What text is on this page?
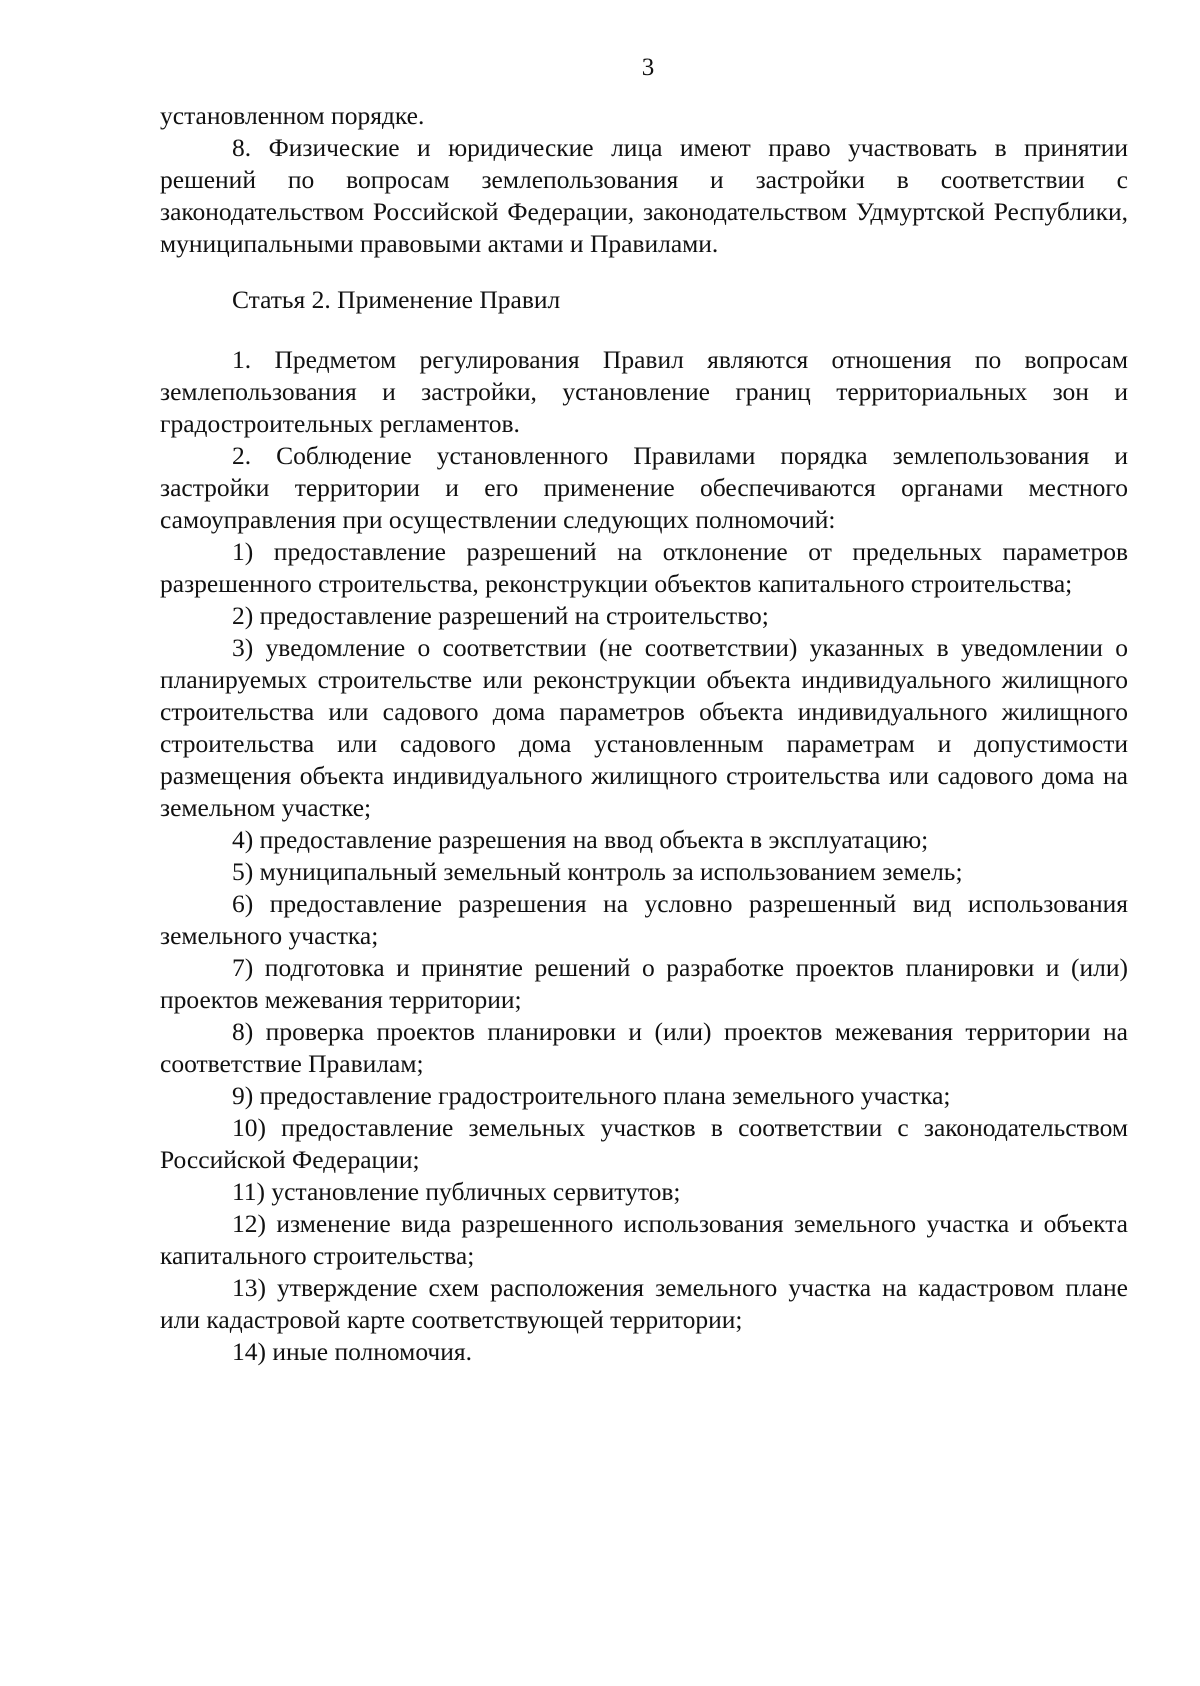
3

установленном порядке.

8. Физические и юридические лица имеют право участвовать в принятии решений по вопросам землепользования и застройки в соответствии с законодательством Российской Федерации, законодательством Удмуртской Республики, муниципальными правовыми актами и Правилами.

Статья 2. Применение Правил

1. Предметом регулирования Правил являются отношения по вопросам землепользования и застройки, установление границ территориальных зон и градостроительных регламентов.

2. Соблюдение установленного Правилами порядка землепользования и застройки территории и его применение обеспечиваются органами местного самоуправления при осуществлении следующих полномочий:

1) предоставление разрешений на отклонение от предельных параметров разрешенного строительства, реконструкции объектов капитального строительства;

2) предоставление разрешений на строительство;

3) уведомление о соответствии (не соответствии) указанных в уведомлении о планируемых строительстве или реконструкции объекта индивидуального жилищного строительства или садового дома параметров объекта индивидуального жилищного строительства или садового дома установленным параметрам и допустимости размещения объекта индивидуального жилищного строительства или садового дома на земельном участке;

4) предоставление разрешения на ввод объекта в эксплуатацию;

5) муниципальный земельный контроль за использованием земель;

6) предоставление разрешения на условно разрешенный вид использования земельного участка;

7) подготовка и принятие решений о разработке проектов планировки и (или) проектов межевания территории;

8) проверка проектов планировки и (или) проектов межевания территории на соответствие Правилам;

9) предоставление градостроительного плана земельного участка;

10) предоставление земельных участков в соответствии с законодательством Российской Федерации;

11) установление публичных сервитутов;

12) изменение вида разрешенного использования земельного участка и объекта капитального строительства;

13) утверждение схем расположения земельного участка на кадастровом плане или кадастровой карте соответствующей территории;

14) иные полномочия.
